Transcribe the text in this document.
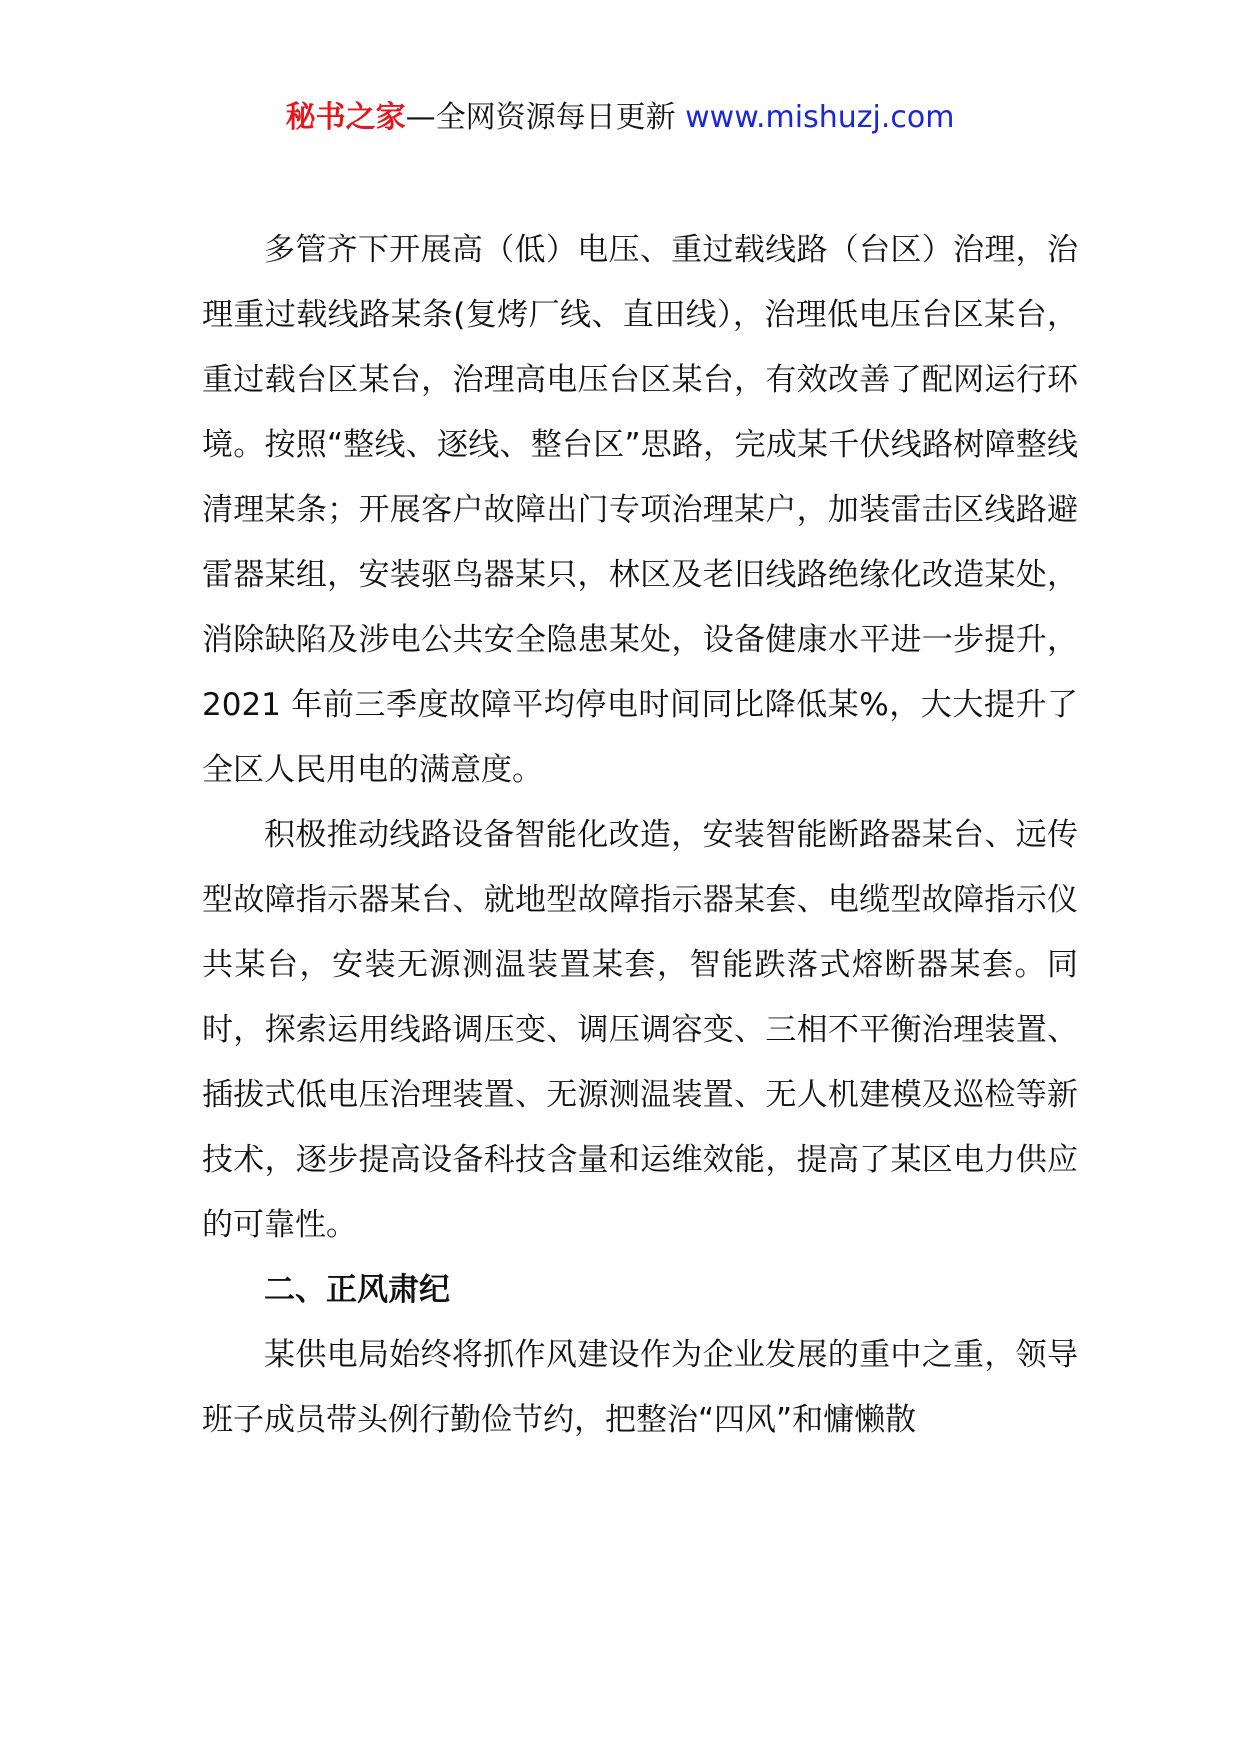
秘书之家—全网资源每日更新 www.mishuzj.com

多管齐下开展高（低）电压、重过载线路（台区）治理，治理重过载线路某条(复烤厂线、直田线），治理低电压台区某台，重过载台区某台，治理高电压台区某台，有效改善了配网运行环境。按照“整线、逐线、整台区”思路，完成某千伏线路树障整线清理某条；开展客户故障出门专项治理某户，加装雷击区线路避雷器某组，安装驱鸟器某只，林区及老旧线路绝缘化改造某处，消除缺陷及涉电公共安全隐患某处，设备健康水平进一步提升，2021 年前三季度故障平均停电时间同比降低某%，大大提升了全区人民用电的满意度。

积极推动线路设备智能化改造，安装智能断路器某台、远传型故障指示器某台、就地型故障指示器某套、电缆型故障指示仪共某台，安装无源测温装置某套，智能跌落式熔断器某套。同时，探索运用线路调压变、调压调容变、三相不平衡治理装置、插拔式低电压治理装置、无源测温装置、无人机建模及巡检等新技术，逐步提高设备科技含量和运维效能，提高了某区电力供应的可靠性。

二、正风肃纪

某供电局始终将抓作风建设作为企业发展的重中之重，领导班子成员带头例行勤俭节约，把整治“四风”和慵懒散
